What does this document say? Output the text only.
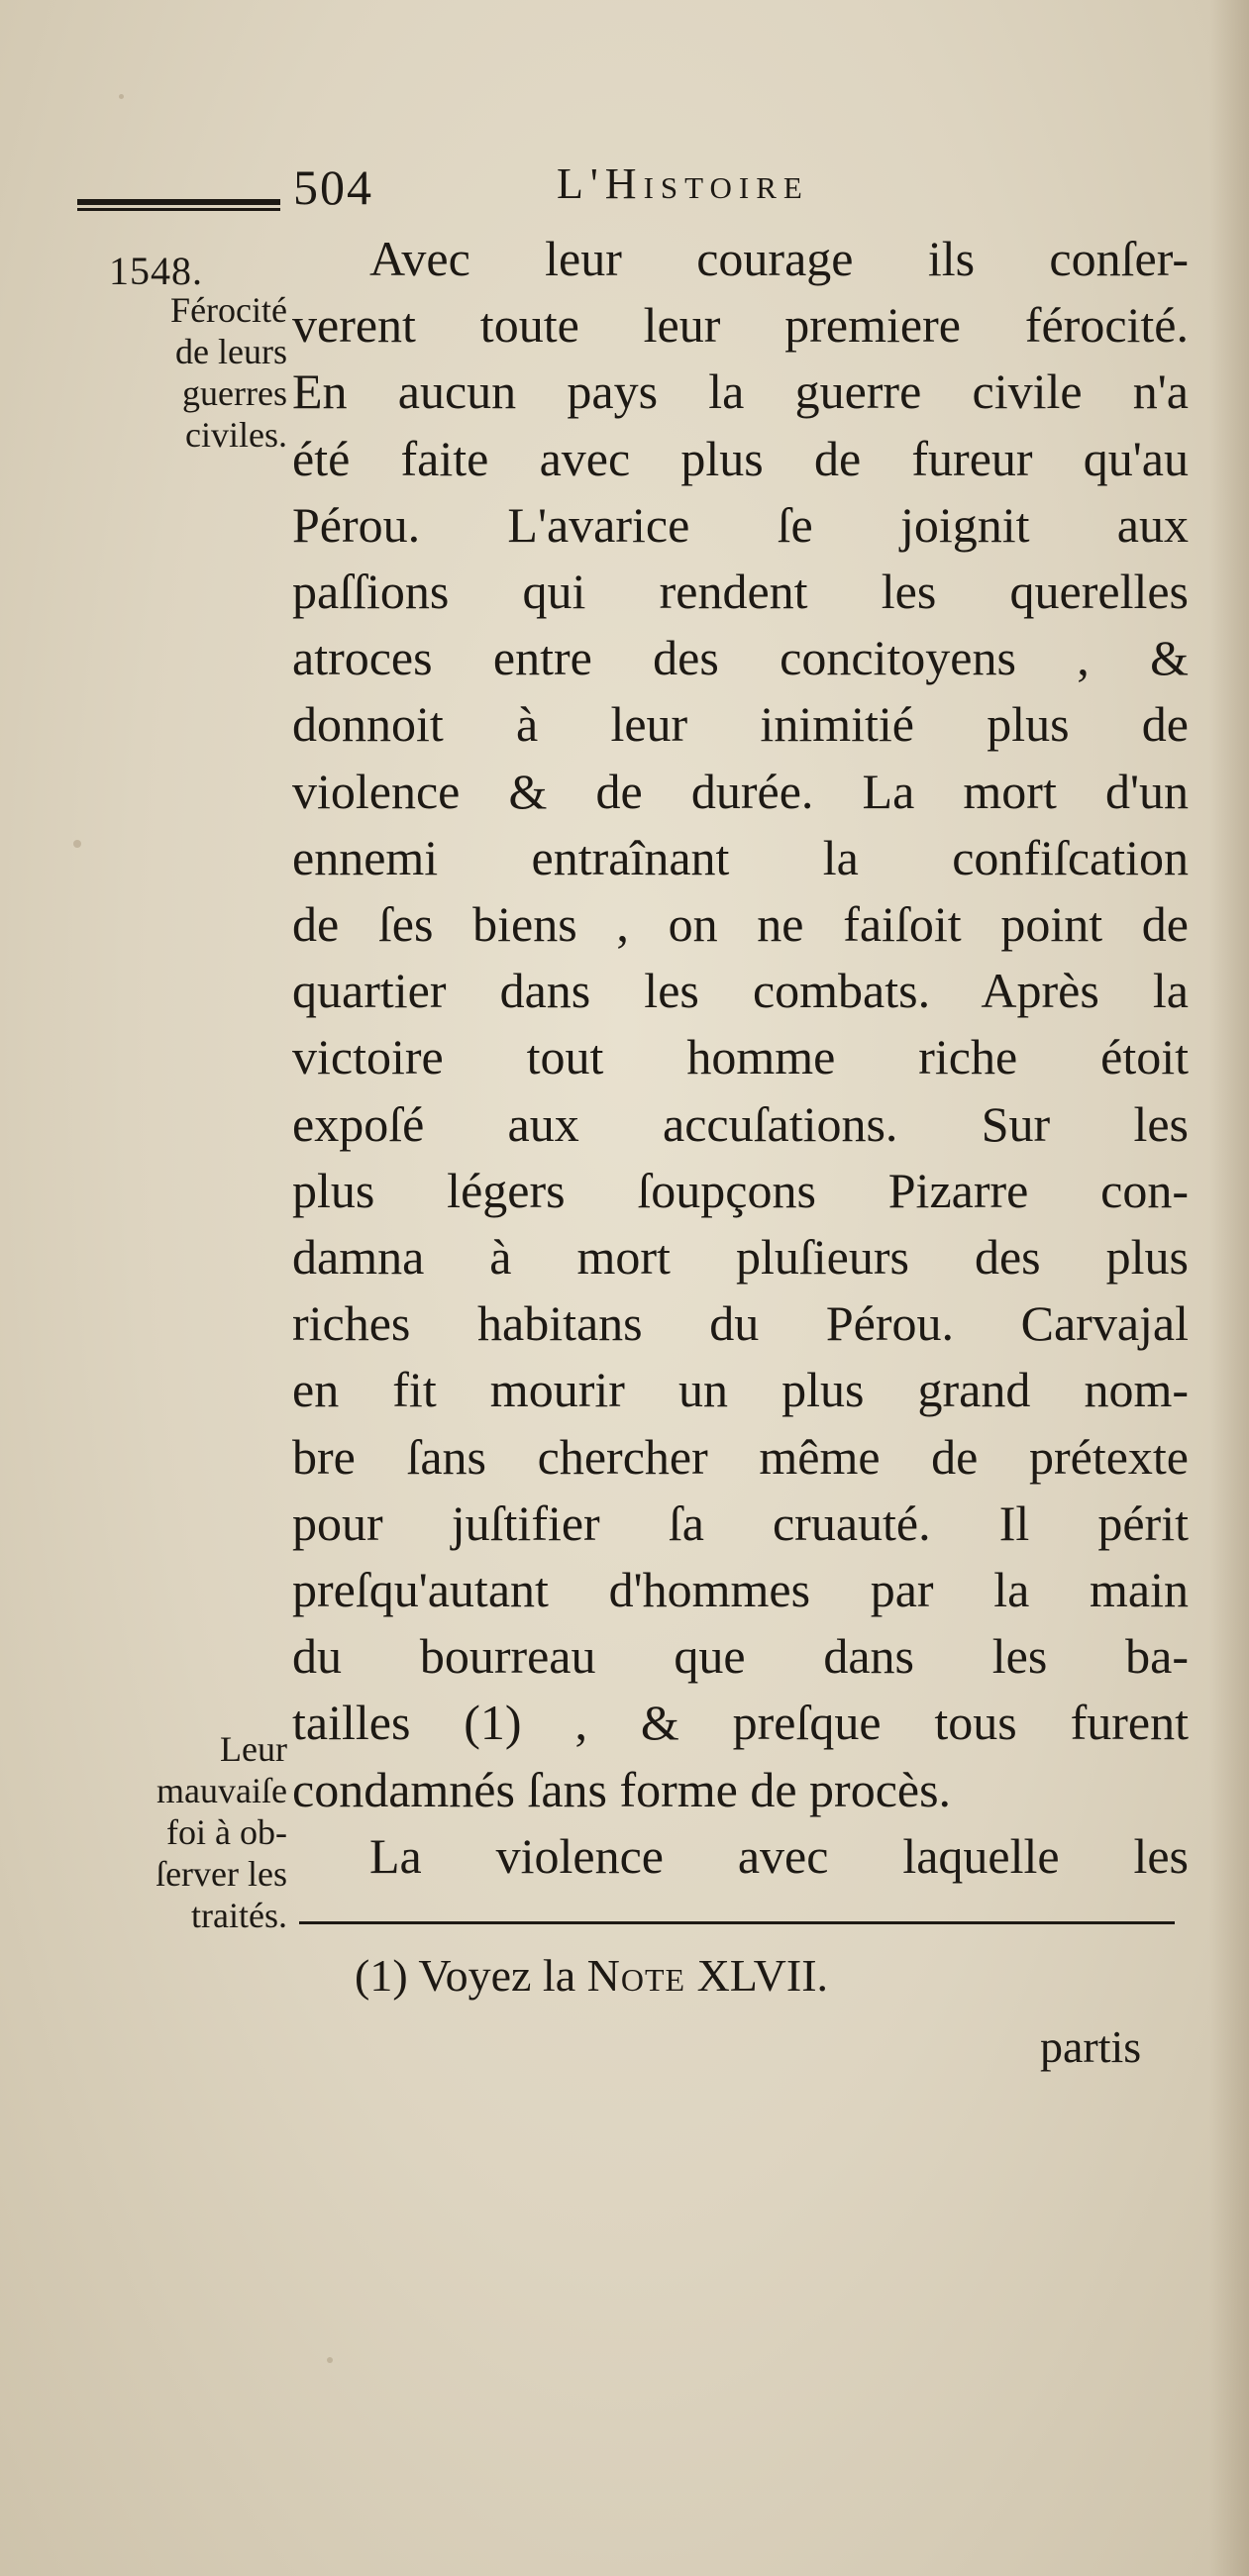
504	L'Histoire
1548.
Férocité
de leurs
guerres
civiles.
Leur
mauvaiſe
foi à ob-
ſerver les
traités.
Avec leur courage ils conſer-
verent toute leur premiere férocité.
En aucun pays la guerre civile n'a
été faite avec plus de fureur qu'au
Pérou. L'avarice ſe joignit aux
paſſions qui rendent les querelles
atroces entre des concitoyens , &
donnoit à leur inimitié plus de
violence & de durée. La mort d'un
ennemi entraînant la confiſcation
de ſes biens , on ne faiſoit point de
quartier dans les combats. Après la
victoire tout homme riche étoit
expoſé aux accuſations. Sur les
plus légers ſoupçons Pizarre con-
damna à mort pluſieurs des plus
riches habitans du Pérou. Carvajal
en fit mourir un plus grand nom-
bre ſans chercher même de prétexte
pour juſtifier ſa cruauté. Il périt
preſqu'autant d'hommes par la main
du bourreau que dans les ba-
tailles (1) , & preſque tous furent
condamnés ſans forme de procès.
La violence avec laquelle les
(1) Voyez la Note XLVII.
partis
